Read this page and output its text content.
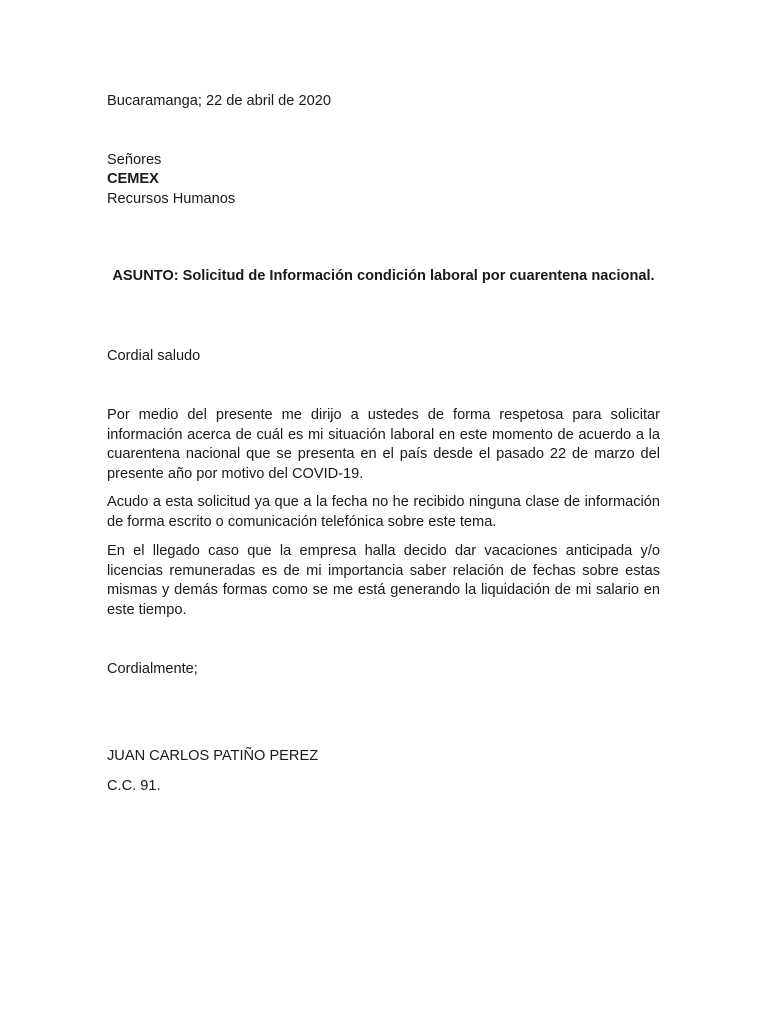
Bucaramanga; 22 de abril de 2020
Señores
CEMEX
Recursos Humanos
ASUNTO: Solicitud de Información condición laboral por cuarentena nacional.
Cordial saludo
Por medio del presente me dirijo a ustedes de forma respetosa para solicitar información acerca de cuál es mi situación laboral en este momento de acuerdo a la cuarentena nacional que se presenta en el país desde el pasado 22 de marzo del presente año por motivo del COVID-19.
Acudo a esta solicitud ya que a la fecha no he recibido ninguna clase de información de forma escrito o comunicación telefónica sobre este tema.
En el llegado caso que la empresa halla decido dar vacaciones anticipada y/o licencias remuneradas es de mi importancia saber relación de fechas sobre estas mismas y demás formas como se me está generando la liquidación de mi salario en este tiempo.
Cordialmente;
JUAN CARLOS PATIÑO PEREZ
C.C. 91.
